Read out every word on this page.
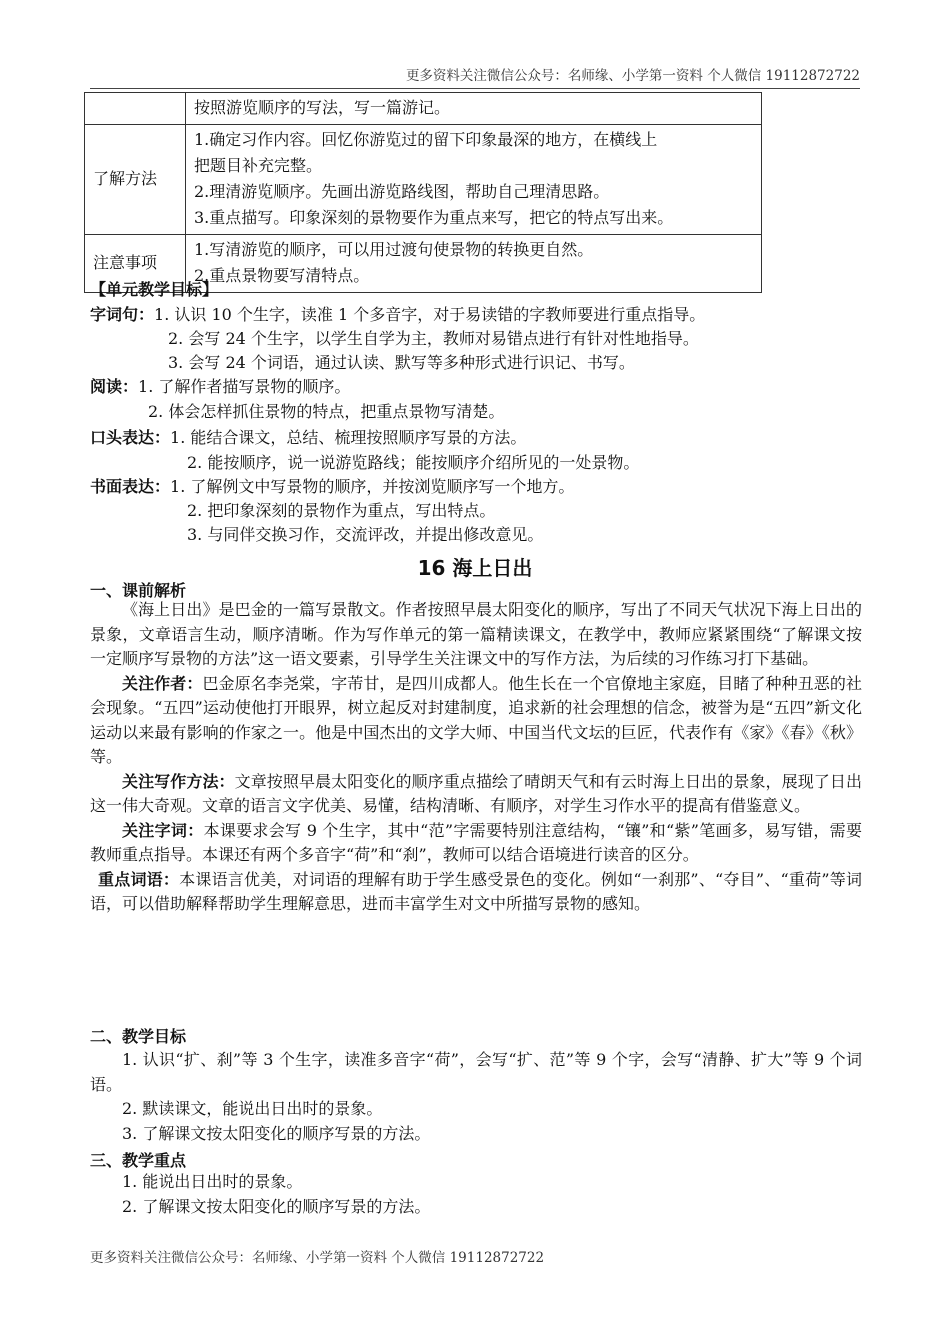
更多资料关注微信公众号：名师缘、小学第一资料 个人微信 19112872722
	按照游览顺序的写法，写一篇游记。
了解方法	1.确定习作内容。回忆你游览过的留下印象最深的地方，在横线上
把题目补充完整。
2.理清游览顺序。先画出游览路线图，帮助自己理清思路。
3.重点描写。印象深刻的景物要作为重点来写，把它的特点写出来。

注意事项	1.写清游览的顺序，可以用过渡句使景物的转换更自然。
2.重点景物要写清特点。
【单元教学目标】
字词句：1. 认识 10 个生字，读准 1 个多音字，对于易读错的字教师要进行重点指导。
2. 会写 24 个生字，以学生自学为主，教师对易错点进行有针对性地指导。
3. 会写 24 个词语，通过认读、默写等多种形式进行识记、书写。
阅读：1. 了解作者描写景物的顺序。
2. 体会怎样抓住景物的特点，把重点景物写清楚。
口头表达：1. 能结合课文，总结、梳理按照顺序写景的方法。
2. 能按顺序，说一说游览路线；能按顺序介绍所见的一处景物。
书面表达：1. 了解例文中写景物的顺序，并按浏览顺序写一个地方。
2. 把印象深刻的景物作为重点，写出特点。
3. 与同伴交换习作，交流评改，并提出修改意见。
16 海上日出
一、课前解析

《海上日出》是巴金的一篇写景散文。作者按照早晨太阳变化的顺序，写出了不同天气状况下海上日出的景象，文章语言生动，顺序清晰。作为写作单元的第一篇精读课文，在教学中，教师应紧紧围绕“了解课文按一定顺序写景物的方法”这一语文要素，引导学生关注课文中的写作方法，为后续的习作练习打下基础。

关注作者：巴金原名李尧棠，字芾甘，是四川成都人。他生长在一个官僚地主家庭，目睹了种种丑恶的社会现象。“五四”运动使他打开眼界，树立起反对封建制度，追求新的社会理想的信念，被誉为是“五四”新文化运动以来最有影响的作家之一。他是中国杰出的文学大师、中国当代文坛的巨匠，代表作有《家》《春》《秋》等。

关注写作方法：文章按照早晨太阳变化的顺序重点描绘了晴朗天气和有云时海上日出的景象，展现了日出这一伟大奇观。文章的语言文字优美、易懂，结构清晰、有顺序，对学生习作水平的提高有借鉴意义。

关注字词：本课要求会写 9 个生字，其中“范”字需要特别注意结构，“镶”和“紫”笔画多，易写错，需要教师重点指导。本课还有两个多音字“荷”和“刹”，教师可以结合语境进行读音的区分。

重点词语：本课语言优美，对词语的理解有助于学生感受景色的变化。例如“一刹那”、“夺目”、“重荷”等词语，可以借助解释帮助学生理解意思，进而丰富学生对文中所描写景物的感知。

二、教学目标

1. 认识“扩、刹”等 3 个生字，读准多音字“荷”，会写“扩、范”等 9 个字，会写“清静、扩大”等 9 个词语。

2. 默读课文，能说出日出时的景象。

3. 了解课文按太阳变化的顺序写景的方法。

三、教学重点

1. 能说出日出时的景象。

2. 了解课文按太阳变化的顺序写景的方法。

更多资料关注微信公众号：名师缘、小学第一资料 个人微信 19112872722
